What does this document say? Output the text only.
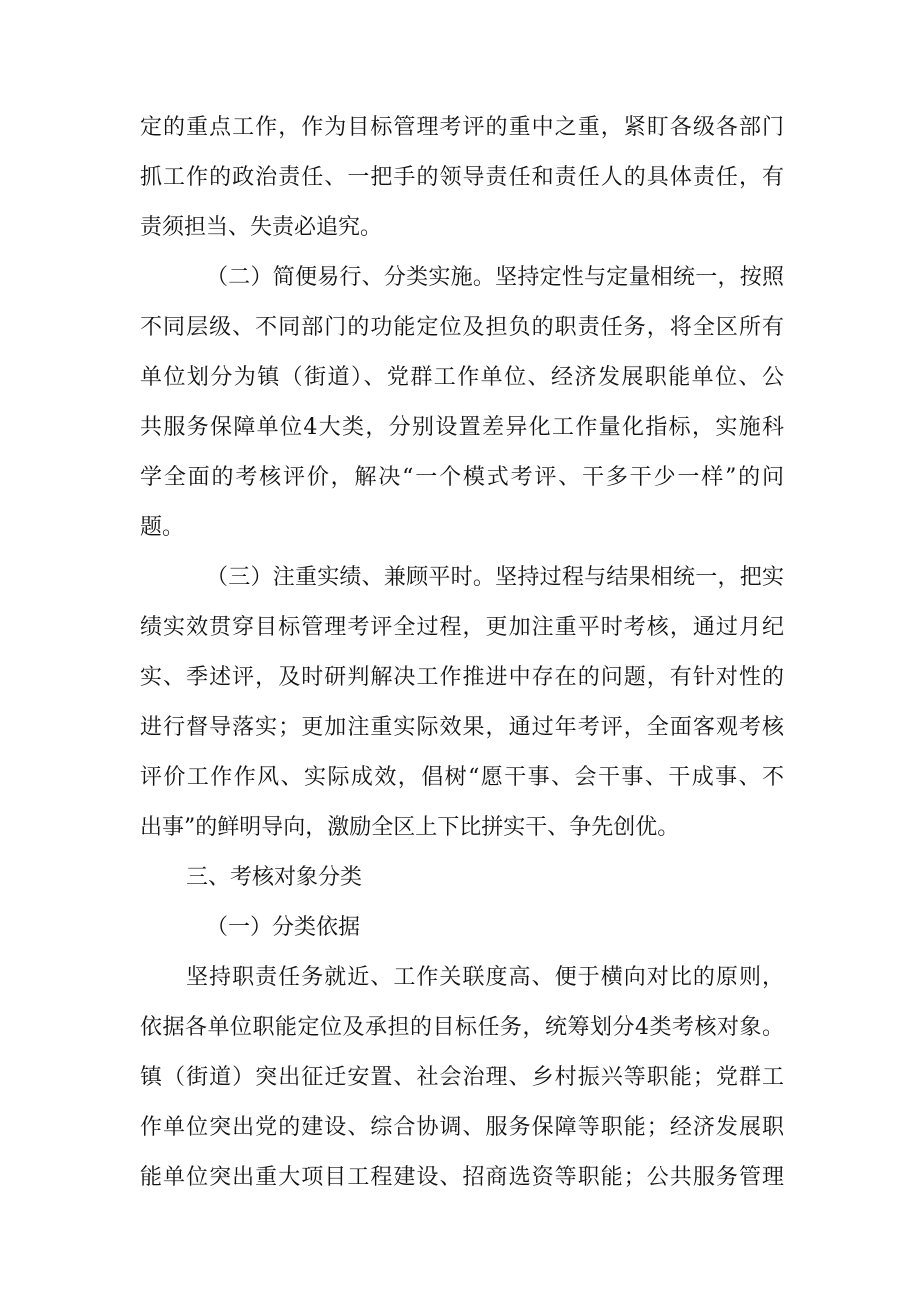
定的重点工作，作为目标管理考评的重中之重，紧盯各级各部门
抓工作的政治责任、一把手的领导责任和责任人的具体责任，有
责须担当、失责必追究。
（二）简便易行、分类实施。坚持定性与定量相统一，按照
不同层级、不同部门的功能定位及担负的职责任务，将全区所有
单位划分为镇（街道）、党群工作单位、经济发展职能单位、公
共服务保障单位4大类，分别设置差异化工作量化指标，实施科
学全面的考核评价，解决“一个模式考评、干多干少一样”的问
题。
（三）注重实绩、兼顾平时。坚持过程与结果相统一，把实
绩实效贯穿目标管理考评全过程，更加注重平时考核，通过月纪
实、季述评，及时研判解决工作推进中存在的问题，有针对性的
进行督导落实；更加注重实际效果，通过年考评，全面客观考核
评价工作作风、实际成效，倡树“愿干事、会干事、干成事、不
出事”的鲜明导向，激励全区上下比拼实干、争先创优。
三、考核对象分类
（一）分类依据
坚持职责任务就近、工作关联度高、便于横向对比的原则，
依据各单位职能定位及承担的目标任务，统筹划分4类考核对象。
镇（街道）突出征迁安置、社会治理、乡村振兴等职能；党群工
作单位突出党的建设、综合协调、服务保障等职能；经济发展职
能单位突出重大项目工程建设、招商选资等职能；公共服务管理
